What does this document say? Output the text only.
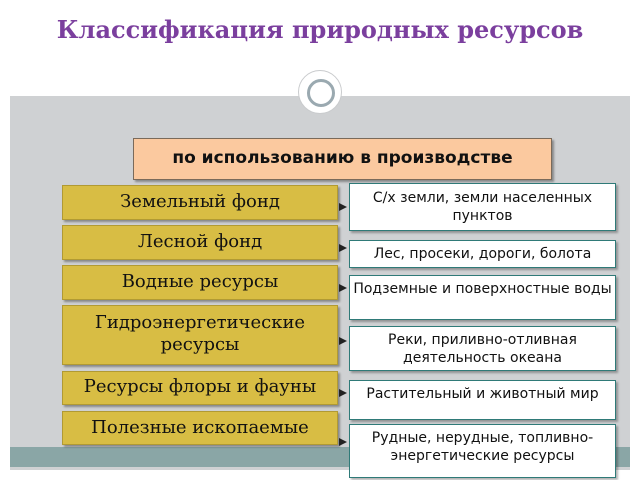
Классификация природных ресурсов
по использованию в производстве
Земельный фонд
Лесной фонд
Водные ресурсы
Гидроэнергетические ресурсы
Ресурсы флоры и фауны
Полезные ископаемые
С/х земли, земли населенных пунктов
Лес, просеки, дороги, болота
Подземные и поверхностные воды
Реки, приливно-отливная деятельность океана
Растительный и животный мир
Рудные, нерудные, топливно-энергетические ресурсы
